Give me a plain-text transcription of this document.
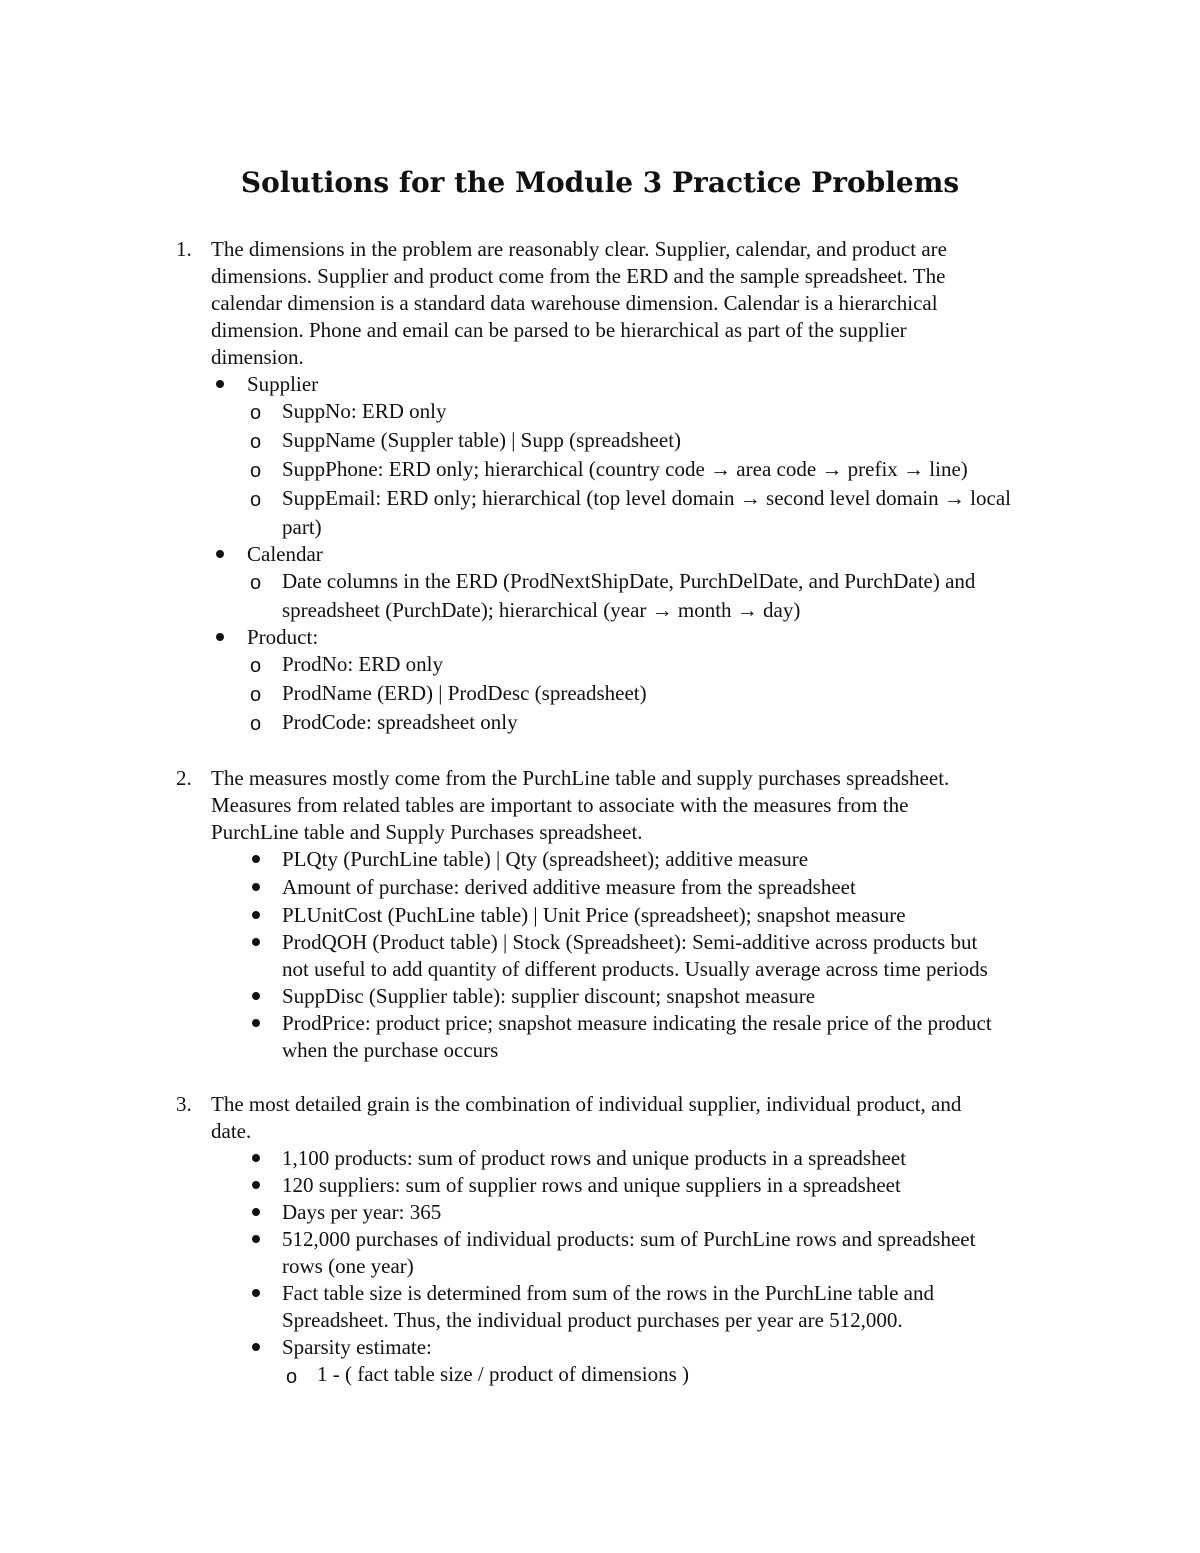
Solutions for the Module 3 Practice Problems
1. The dimensions in the problem are reasonably clear. Supplier, calendar, and product are
dimensions. Supplier and product come from the ERD and the sample spreadsheet. The
calendar dimension is a standard data warehouse dimension. Calendar is a hierarchical
dimension. Phone and email can be parsed to be hierarchical as part of the supplier
dimension.
Supplier
o SuppNo: ERD only
o SuppName (Suppler table) | Supp (spreadsheet)
o SuppPhone: ERD only; hierarchical (country code → area code → prefix → line)
o SuppEmail: ERD only; hierarchical (top level domain → second level domain → local
part)
Calendar
o Date columns in the ERD (ProdNextShipDate, PurchDelDate, and PurchDate) and
spreadsheet (PurchDate); hierarchical (year → month → day)
Product:
o ProdNo: ERD only
o ProdName (ERD) | ProdDesc (spreadsheet)
o ProdCode: spreadsheet only
2. The measures mostly come from the PurchLine table and supply purchases spreadsheet.
Measures from related tables are important to associate with the measures from the
PurchLine table and Supply Purchases spreadsheet.
PLQty (PurchLine table) | Qty (spreadsheet); additive measure
Amount of purchase: derived additive measure from the spreadsheet
PLUnitCost (PuchLine table) | Unit Price (spreadsheet); snapshot measure
ProdQOH (Product table) | Stock (Spreadsheet): Semi-additive across products but
not useful to add quantity of different products. Usually average across time periods
SuppDisc (Supplier table): supplier discount; snapshot measure
ProdPrice: product price; snapshot measure indicating the resale price of the product
when the purchase occurs
3. The most detailed grain is the combination of individual supplier, individual product, and
date.
1,100 products: sum of product rows and unique products in a spreadsheet
120 suppliers: sum of supplier rows and unique suppliers in a spreadsheet
Days per year: 365
512,000 purchases of individual products: sum of PurchLine rows and spreadsheet
rows (one year)
Fact table size is determined from sum of the rows in the PurchLine table and
Spreadsheet. Thus, the individual product purchases per year are 512,000.
Sparsity estimate:
o 1 - ( fact table size / product of dimensions )
